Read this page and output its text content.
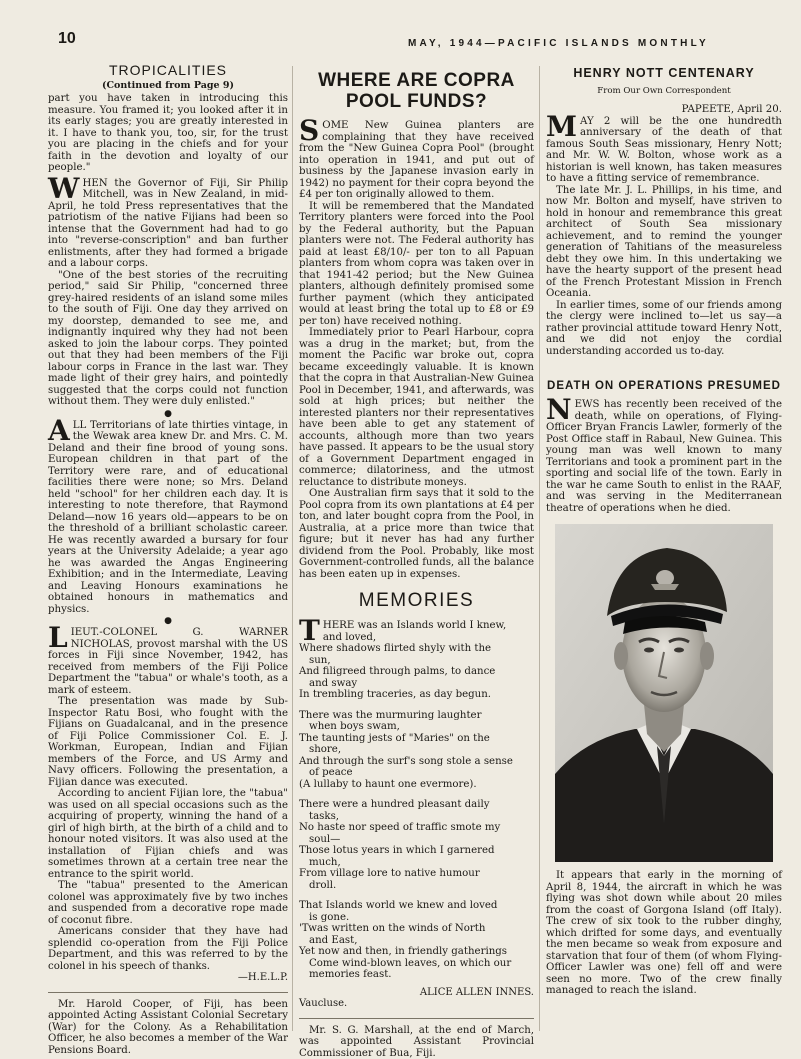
10	MAY, 1944—PACIFIC ISLANDS MONTHLY
TROPICALITIES
(Continued from Page 9)

part you have taken in introducing this measure. You framed it; you looked after it in its early stages; you are greatly interested in it. I have to thank you, too, sir, for the trust you are placing in the chiefs and for your faith in the devotion and loyalty of our people."

WHEN the Governor of Fiji, Sir Philip Mitchell, was in New Zealand, in mid-April, he told Press representatives that the patriotism of the native Fijians had been so intense that the Government had had to go into "reverse-conscription" and ban further enlistments, after they had formed a brigade and a labour corps.

"One of the best stories of the recruiting period," said Sir Philip, "concerned three grey-haired residents of an island some miles to the south of Fiji. One day they arrived on my doorstep, demanded to see me, and indignantly inquired why they had not been asked to join the labour corps. They pointed out that they had been members of the Fiji labour corps in France in the last war. They made light of their grey hairs, and pointedly suggested that the corps could not function without them. They were duly enlisted."

●

ALL Territorians of late thirties vintage, in the Wewak area knew Dr. and Mrs. C. M. Deland and their fine brood of young sons. European children in that part of the Territory were rare, and of educational facilities there were none; so Mrs. Deland held "school" for her children each day. It is interesting to note therefore, that Raymond Deland—now 16 years old—appears to be on the threshold of a brilliant scholastic career. He was recently awarded a bursary for four years at the University Adelaide; a year ago he was awarded the Angas Engineering Exhibition; and in the Intermediate, Leaving and Leaving Honours examinations he obtained honours in mathematics and physics.

●

LIEUT.-COLONEL G. WARNER NICHOLAS, provost marshal with the US forces in Fiji since November, 1942, has received from members of the Fiji Police Department the "tabua" or whale's tooth, as a mark of esteem.

The presentation was made by Sub-Inspector Ratu Bosi, who fought with the Fijians on Guadalcanal, and in the presence of Fiji Police Commissioner Col. E. J. Workman, European, Indian and Fijian members of the Force, and US Army and Navy officers. Following the presentation, a Fijian dance was executed.

According to ancient Fijian lore, the "tabua" was used on all special occasions such as the acquiring of property, winning the hand of a girl of high birth, at the birth of a child and to honour noted visitors. It was also used at the installation of Fijian chiefs and was sometimes thrown at a certain tree near the entrance to the spirit world.

The "tabua" presented to the American colonel was approximately five by two inches and suspended from a decorative rope made of coconut fibre.

Americans consider that they have had splendid co-operation from the Fiji Police Department, and this was referred to by the colonel in his speech of thanks.

—H.E.L.P.

Mr. Harold Cooper, of Fiji, has been appointed Acting Assistant Colonial Secretary (War) for the Colony. As a Rehabilitation Officer, he also becomes a member of the War Pensions Board.

WHERE ARE COPRA POOL FUNDS?

SOME New Guinea planters are complaining that they have received from the "New Guinea Copra Pool" (brought into operation in 1941, and put out of business by the Japanese invasion early in 1942) no payment for their copra beyond the £4 per ton originally allowed to them.

It will be remembered that the Mandated Territory planters were forced into the Pool by the Federal authority, but the Papuan planters were not. The Federal authority has paid at least £8/10/- per ton to all Papuan planters from whom copra was taken over in that 1941-42 period; but the New Guinea planters, although definitely promised some further payment (which they anticipated would at least bring the total up to £8 or £9 per ton) have received nothing.

Immediately prior to Pearl Harbour, copra was a drug in the market; but, from the moment the Pacific war broke out, copra became exceedingly valuable. It is known that the copra in that Australian-New Guinea Pool in December, 1941, and afterwards, was sold at high prices; but neither the interested planters nor their representatives have been able to get any statement of accounts, although more than two years have passed. It appears to be the usual story of a Government Department engaged in commerce; dilatoriness, and the utmost reluctance to distribute moneys.

One Australian firm says that it sold to the Pool copra from its own plantations at £4 per ton, and later bought copra from the Pool, in Australia, at a price more than twice that figure; but it never has had any further dividend from the Pool. Probably, like most Government-controlled funds, all the balance has been eaten up in expenses.

MEMORIES

THERE was an Islands world I knew,

and loved,

Where shadows flirted shyly with the

sun,

And filigreed through palms, to dance

and sway

In trembling traceries, as day begun.

There was the murmuring laughter

when boys swam,

The taunting jests of "Maries" on the

shore,

And through the surf's song stole a sense

of peace

(A lullaby to haunt one evermore).

There were a hundred pleasant daily

tasks,

No haste nor speed of traffic smote my

soul—

Those lotus years in which I garnered

much,

From village lore to native humour

droll.

That Islands world we knew and loved

is gone.

'Twas written on the winds of North

and East,

Yet now and then, in friendly gatherings

Come wind-blown leaves, on which our

memories feast.

ALICE ALLEN INNES.
Vaucluse.

Mr. S. G. Marshall, at the end of March, was appointed Assistant Provincial Commissioner of Bua, Fiji.

HENRY NOTT CENTENARY
From Our Own Correspondent
PAPEETE, April 20.

MAY 2 will be the one hundredth anniversary of the death of that famous South Seas missionary, Henry Nott; and Mr. W. W. Bolton, whose work as a historian is well known, has taken measures to have a fitting service of remembrance.

The late Mr. J. L. Phillips, in his time, and now Mr. Bolton and myself, have striven to hold in honour and remembrance this great architect of South Sea missionary achievement, and to remind the younger generation of Tahitians of the measureless debt they owe him. In this undertaking we have the hearty support of the present head of the French Protestant Mission in French Oceania.

In earlier times, some of our friends among the clergy were inclined to—let us say—a rather provincial attitude toward Henry Nott, and we did not enjoy the cordial understanding accorded us to-day.

DEATH ON OPERATIONS PRESUMED

NEWS has recently been received of the death, while on operations, of Flying-Officer Bryan Francis Lawler, formerly of the Post Office staff in Rabaul, New Guinea. This young man was well known to many Territorians and took a prominent part in the sporting and social life of the town. Early in the war he came South to enlist in the RAAF, and was serving in the Mediterranean theatre of operations when he died.

It appears that early in the morning of April 8, 1944, the aircraft in which he was flying was shot down while about 20 miles from the coast of Gorgona Island (off Italy). The crew of six took to the rubber dinghy, which drifted for some days, and eventually the men became so weak from exposure and starvation that four of them (of whom Flying-Officer Lawler was one) fell off and were seen no more. Two of the crew finally managed to reach the island.
